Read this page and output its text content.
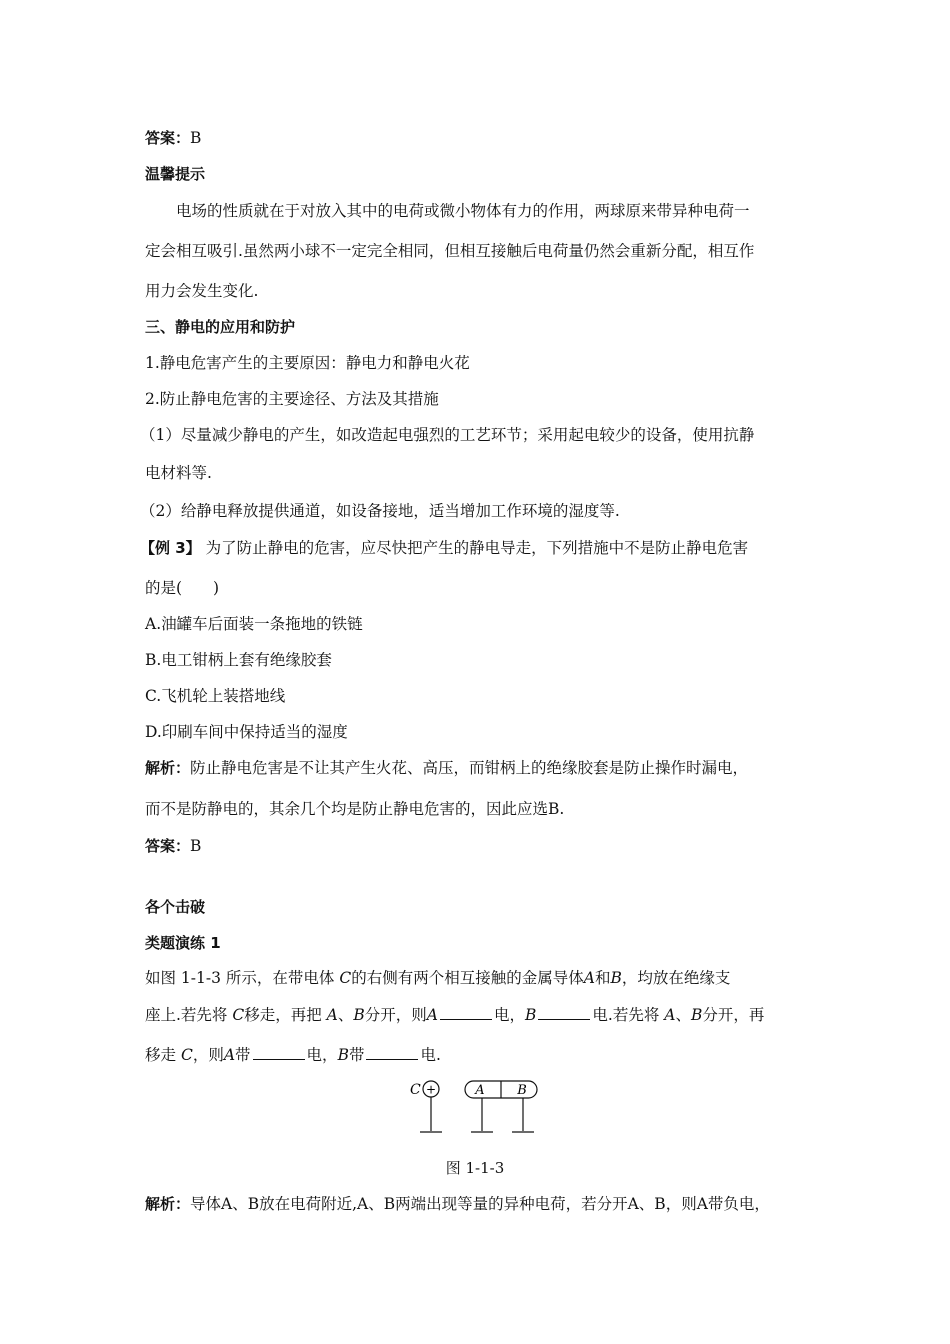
答案：B
温馨提示
电场的性质就在于对放入其中的电荷或微小物体有力的作用，两球原来带异种电荷一
定会相互吸引.虽然两小球不一定完全相同，但相互接触后电荷量仍然会重新分配，相互作
用力会发生变化.
三、静电的应用和防护
1.静电危害产生的主要原因：静电力和静电火花
2.防止静电危害的主要途径、方法及其措施
（1）尽量减少静电的产生，如改造起电强烈的工艺环节；采用起电较少的设备，使用抗静
电材料等.
（2）给静电释放提供通道，如设备接地，适当增加工作环境的湿度等.
【例 3】 为了防止静电的危害，应尽快把产生的静电导走，下列措施中不是防止静电危害
的是(　　)
A.油罐车后面装一条拖地的铁链
B.电工钳柄上套有绝缘胶套
C.飞机轮上装搭地线
D.印刷车间中保持适当的湿度
解析：防止静电危害是不让其产生火花、高压，而钳柄上的绝缘胶套是防止操作时漏电，
而不是防静电的，其余几个均是防止静电危害的，因此应选B.
答案：B
各个击破
类题演练 1
如图 1-1-3 所示，在带电体 C的右侧有两个相互接触的金属导体A和B，均放在绝缘支
座上.若先将 C移走，再把 A、B分开，则A	电，B	电.若先将 A、B分开，再
移走 C，则A带	电，B带	电.
C +	A	B
图 1-1-3
解析：导体A、B放在电荷附近,A、B两端出现等量的异种电荷，若分开A、B，则A带负电，
